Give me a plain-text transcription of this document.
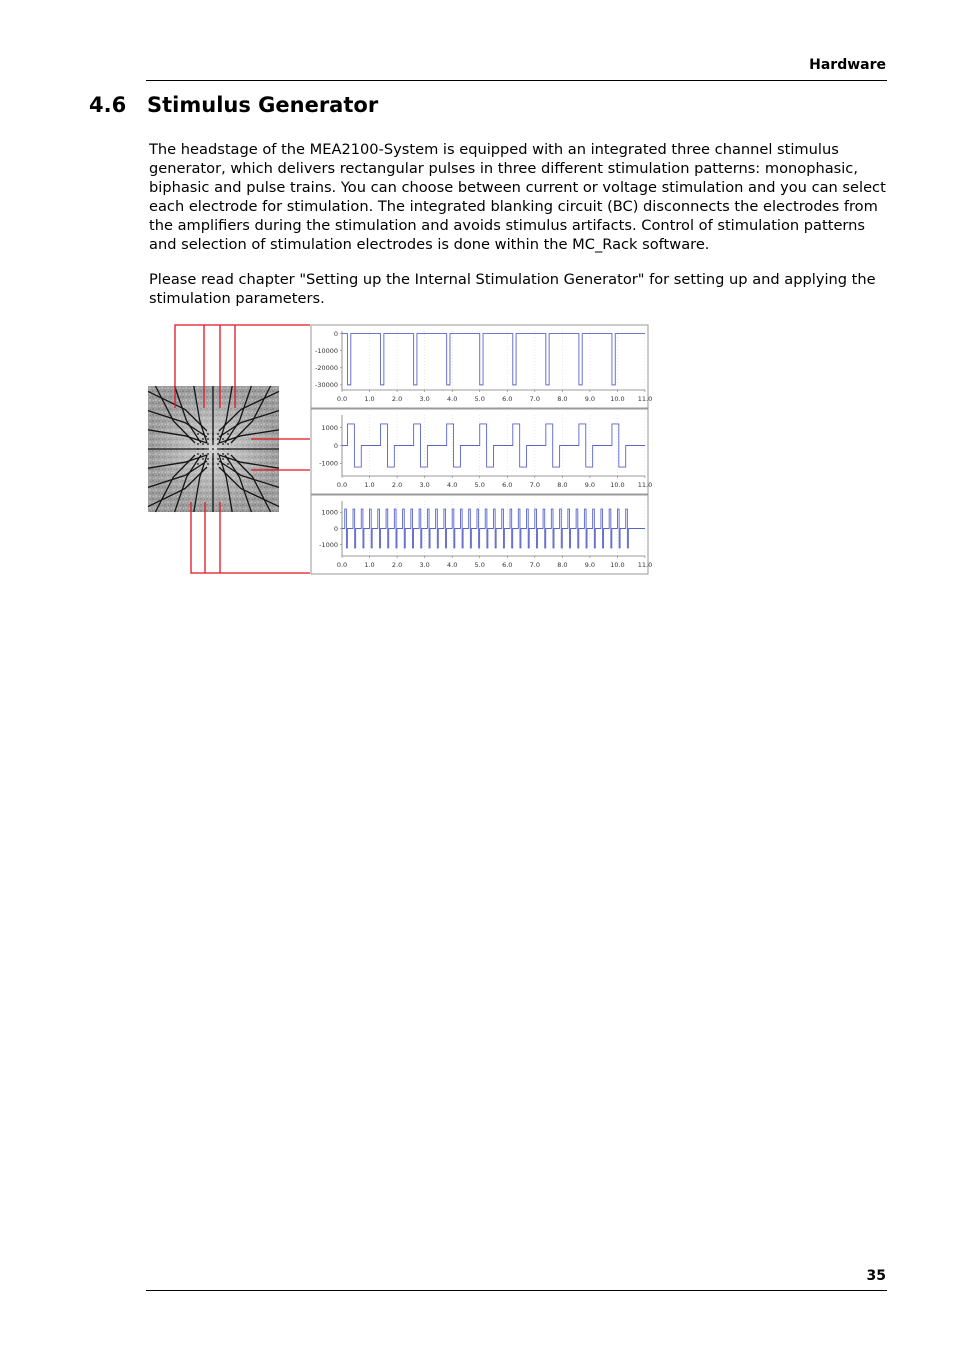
Hardware
4.6 Stimulus Generator

The headstage of the MEA2100-System is equipped with an integrated three channel stimulus generator, which delivers rectangular pulses in three different stimulation patterns: monophasic, biphasic and pulse trains. You can choose between current or voltage stimulation and you can select each electrode for stimulation. The integrated blanking circuit (BC) disconnects the electrodes from the amplifiers during the stimulation and avoids stimulus artifacts. Control of stimulation patterns and selection of stimulation electrodes is done within the MC_Rack software.

Please read chapter "Setting up the Internal Stimulation Generator" for setting up and applying the stimulation parameters.

0.0	1.0	2.0	3.0	4.0	5.0	6.0	7.0	8.0	9.0 10.0 11.0
0
-10000
-20000
-30000
0.0	1.0	2.0	3.0	4.0	5.0	6.0	7.0	8.0	9.0 10.0 11.0
1000
0
-1000
0.0	1.0	2.0	3.0	4.0	5.0	6.0	7.0	8.0	9.0 10.0 11.0
1000
0
-1000
35
